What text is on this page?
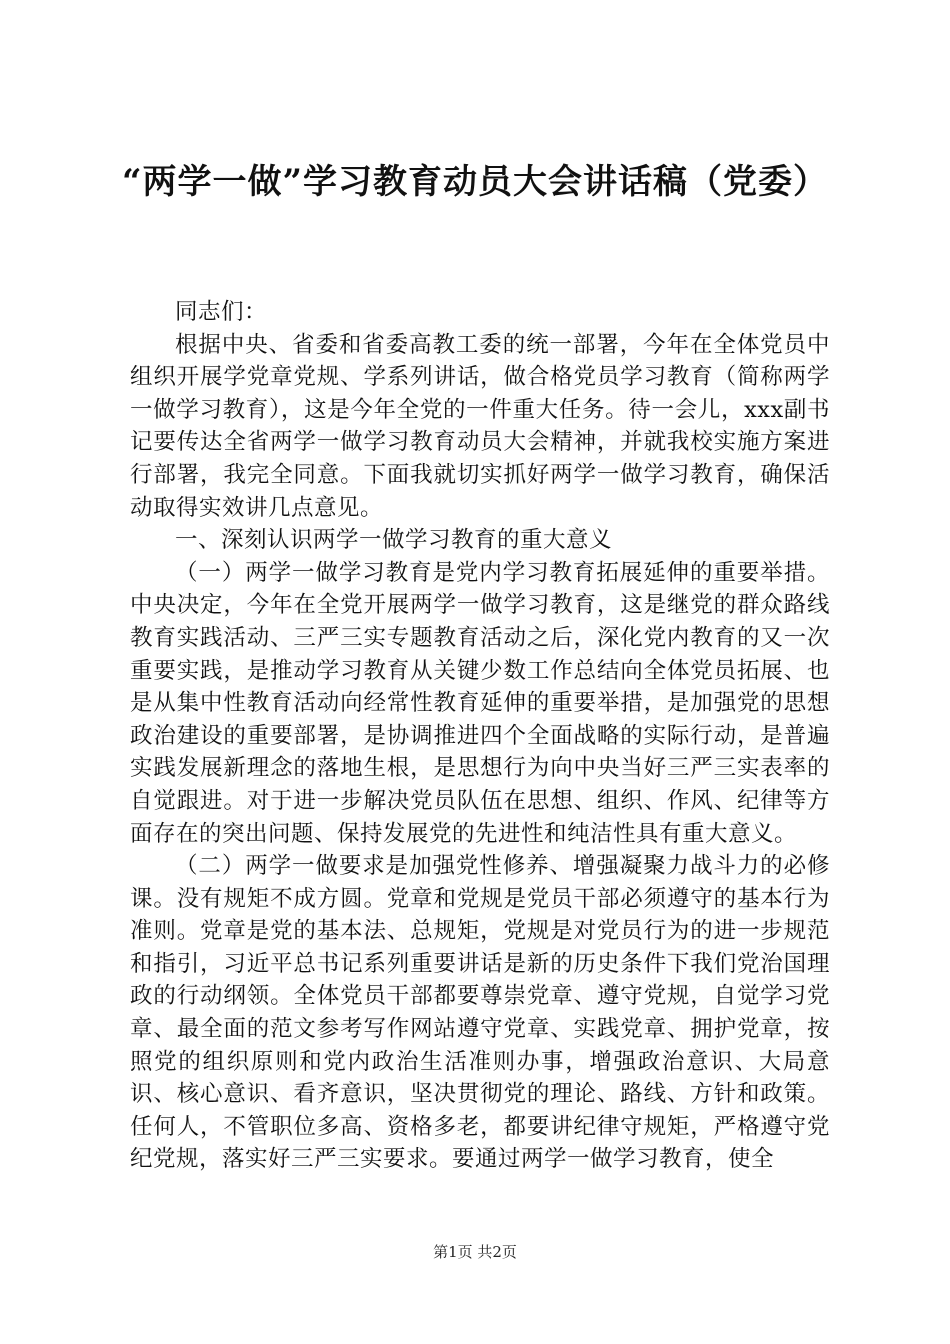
“两学一做”学习教育动员大会讲话稿（党委）

同志们：

根据中央、省委和省委高教工委的统一部署，今年在全体党员中组织开展学党章党规、学系列讲话，做合格党员学习教育（简称两学一做学习教育），这是今年全党的一件重大任务。待一会儿，xxx副书记要传达全省两学一做学习教育动员大会精神，并就我校实施方案进行部署，我完全同意。下面我就切实抓好两学一做学习教育，确保活动取得实效讲几点意见。

一、深刻认识两学一做学习教育的重大意义

（一）两学一做学习教育是党内学习教育拓展延伸的重要举措。中央决定，今年在全党开展两学一做学习教育，这是继党的群众路线教育实践活动、三严三实专题教育活动之后，深化党内教育的又一次重要实践，是推动学习教育从关键少数工作总结向全体党员拓展、也是从集中性教育活动向经常性教育延伸的重要举措，是加强党的思想政治建设的重要部署，是协调推进四个全面战略的实际行动，是普遍实践发展新理念的落地生根，是思想行为向中央当好三严三实表率的自觉跟进。对于进一步解决党员队伍在思想、组织、作风、纪律等方面存在的突出问题、保持发展党的先进性和纯洁性具有重大意义。

（二）两学一做要求是加强党性修养、增强凝聚力战斗力的必修课。没有规矩不成方圆。党章和党规是党员干部必须遵守的基本行为准则。党章是党的基本法、总规矩，党规是对党员行为的进一步规范和指引，习近平总书记系列重要讲话是新的历史条件下我们党治国理政的行动纲领。全体党员干部都要尊崇党章、遵守党规，自觉学习党章、最全面的范文参考写作网站遵守党章、实践党章、拥护党章，按照党的组织原则和党内政治生活准则办事，增强政治意识、大局意识、核心意识、看齐意识，坚决贯彻党的理论、路线、方针和政策。任何人，不管职位多高、资格多老，都要讲纪律守规矩，严格遵守党纪党规，落实好三严三实要求。要通过两学一做学习教育，使全

第1页 共2页
